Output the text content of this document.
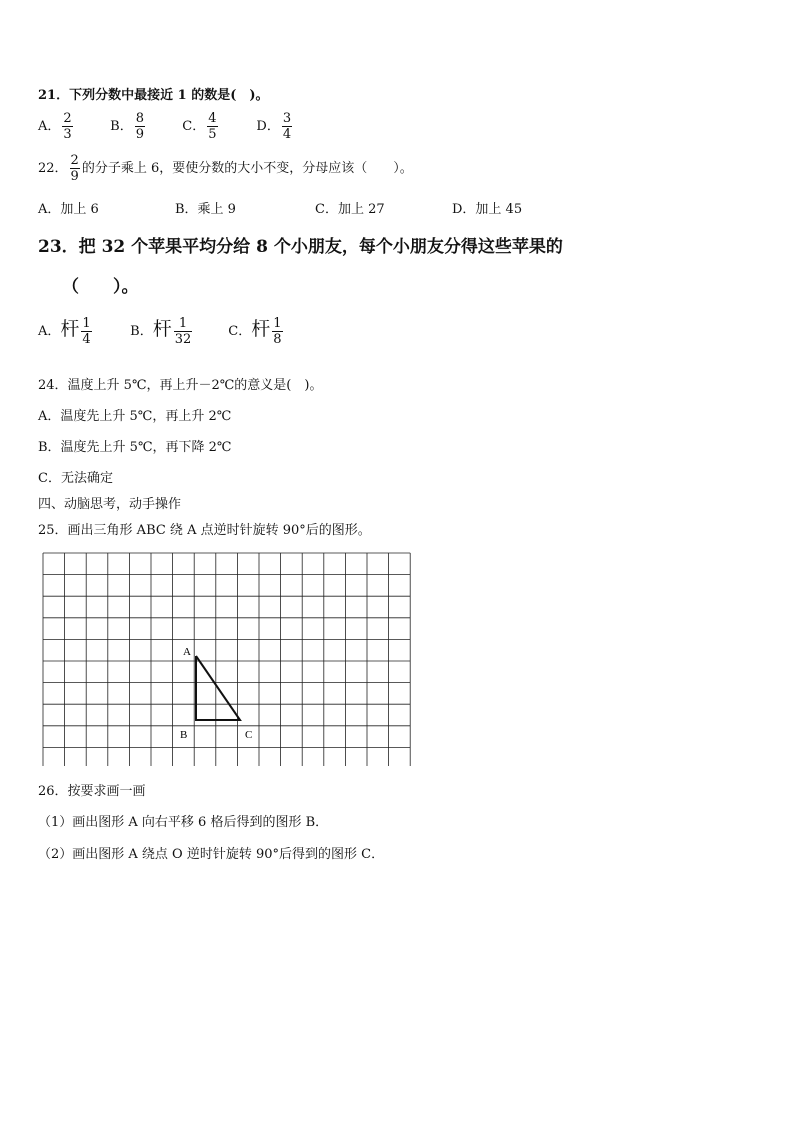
21．下列分数中最接近 1 的数是(　)。
A． $\frac{2}{3}$	B． $\frac{8}{9}$	C． $\frac{4}{5}$	D． $\frac{3}{4}$
22． $\frac{2}{9}$ 的分子乘上 6，要使分数的大小不变，分母应该（　　）。
A．加上 6	B．乘上 9	C．加上 27	D．加上 45
23．把 32 个苹果平均分给 8 个小朋友，每个小朋友分得这些苹果的
（　　）。
A．杆 $\frac{1}{4}$	B．杆 $\frac{1}{32}$	C．杆 $\frac{1}{8}$
24．温度上升 5℃，再上升－2℃的意义是(　)。
A．温度先上升 5℃，再上升 2℃
B．温度先上升 5℃，再下降 2℃
C．无法确定
四、动脑思考，动手操作
25．画出三角形 ABC 绕 A 点逆时针旋转 90°后的图形。
A
B	C
26．按要求画一画
（1）画出图形 A 向右平移 6 格后得到的图形 B．
（2）画出图形 A 绕点 O 逆时针旋转 90°后得到的图形 C．
